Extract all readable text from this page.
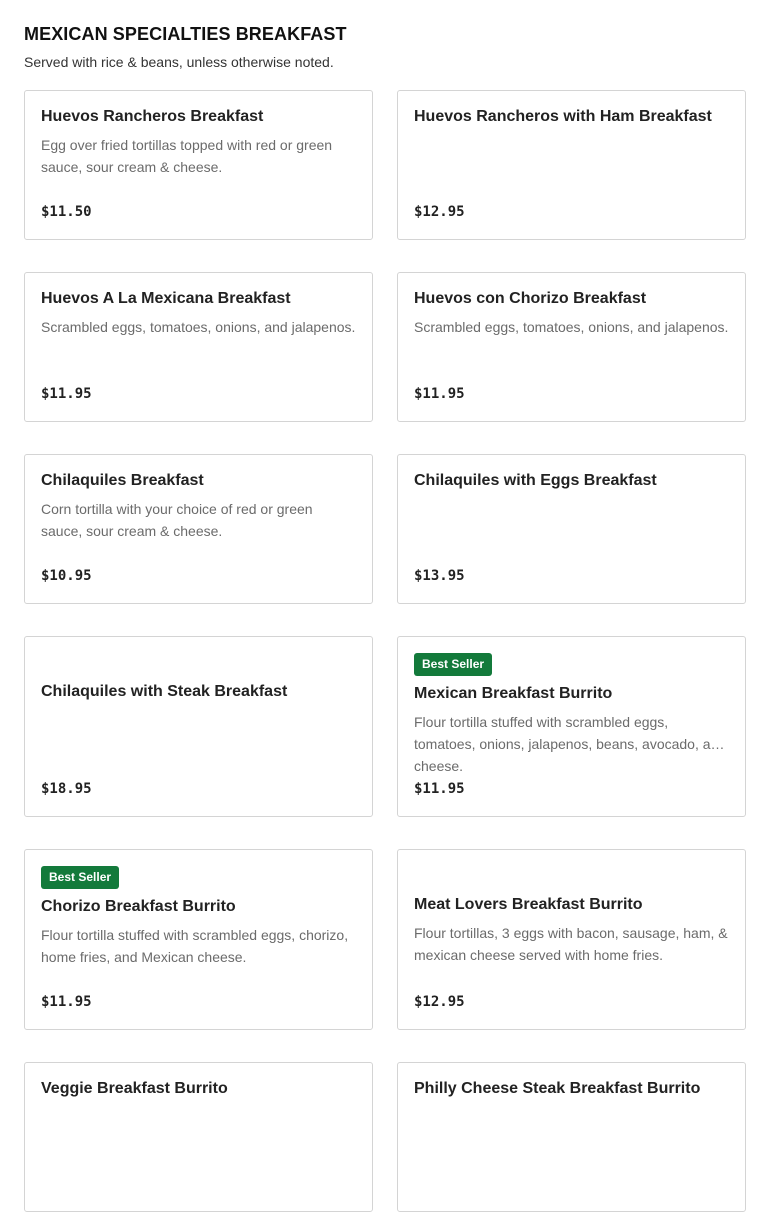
MEXICAN SPECIALTIES BREAKFAST

Served with rice & beans, unless otherwise noted.

Huevos Rancheros Breakfast
Egg over fried tortillas topped with red or green sauce, sour cream & cheese.
$11.50
Huevos Rancheros with Ham Breakfast
$12.95
Huevos A La Mexicana Breakfast
Scrambled eggs, tomatoes, onions, and jalapenos.
$11.95
Huevos con Chorizo Breakfast
Scrambled eggs, tomatoes, onions, and jalapenos.
$11.95
Chilaquiles Breakfast
Corn tortilla with your choice of red or green sauce, sour cream & cheese.
$10.95
Chilaquiles with Eggs Breakfast
$13.95
Chilaquiles with Steak Breakfast
$18.95
Best Seller
Mexican Breakfast Burrito
Flour tortilla stuffed with scrambled eggs, tomatoes, onions, jalapenos, beans, avocado, and cheese.
$11.95
Best Seller
Chorizo Breakfast Burrito
Flour tortilla stuffed with scrambled eggs, chorizo, home fries, and Mexican cheese.
$11.95
Meat Lovers Breakfast Burrito
Flour tortillas, 3 eggs with bacon, sausage, ham, & mexican cheese served with home fries.
$12.95
Veggie Breakfast Burrito	Philly Cheese Steak Breakfast Burrito
